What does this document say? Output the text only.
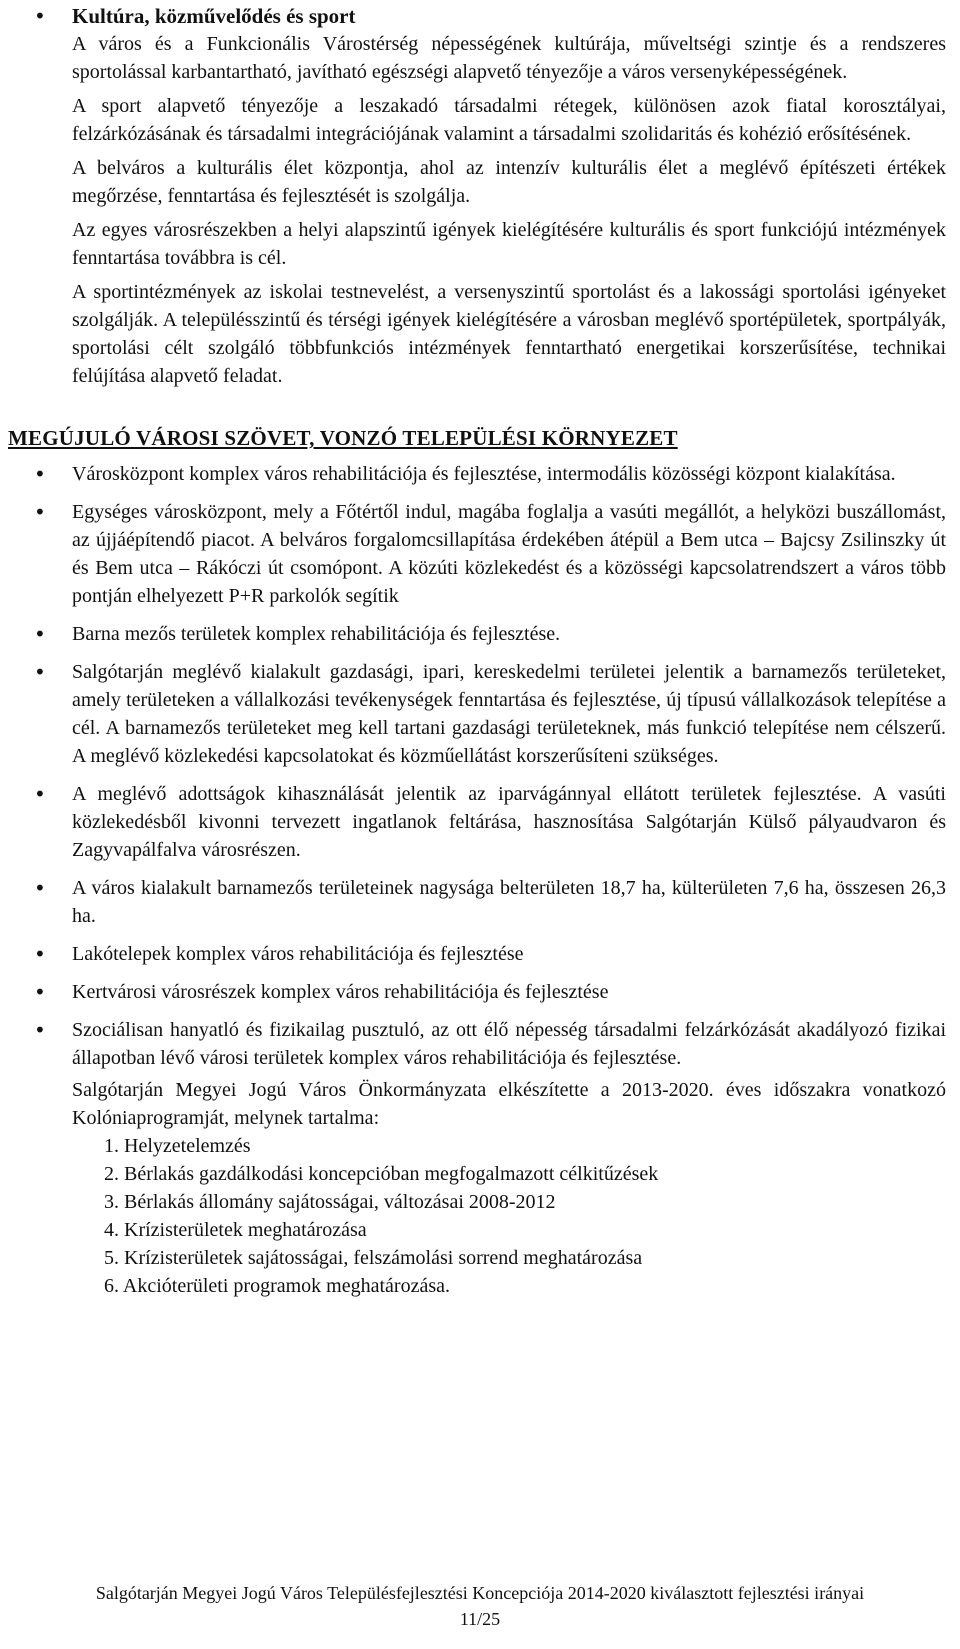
• Kultúra, közművelődés és sport

A város és a Funkcionális Várostérség népességének kultúrája, műveltségi szintje és a rendszeres sportolással karbantartható, javítható egészségi alapvető tényezője a város versenyképességének.

A sport alapvető tényezője a leszakadó társadalmi rétegek, különösen azok fiatal korosztályai, felzárkózásának és társadalmi integrációjának valamint a társadalmi szolidaritás és kohézió erősítésének.

A belváros a kulturális élet központja, ahol az intenzív kulturális élet a meglévő építészeti értékek megőrzése, fenntartása és fejlesztését is szolgálja.

Az egyes városrészekben a helyi alapszintű igények kielégítésére kulturális és sport funkciójú intézmények fenntartása továbbra is cél.

A sportintézmények az iskolai testnevelést, a versenyszintű sportolást és a lakossági sportolási igényeket szolgálják. A településszintű és térségi igények kielégítésére a városban meglévő sportépületek, sportpályák, sportolási célt szolgáló többfunkciós intézmények fenntartható energetikai korszerűsítése, technikai felújítása alapvető feladat.

MEGÚJULÓ VÁROSI SZÖVET, VONZÓ TELEPÜLÉSI KÖRNYEZET
• Városközpont komplex város rehabilitációja és fejlesztése, intermodális közösségi központ kialakítása.
• Egységes városközpont, mely a Főtértől indul, magába foglalja a vasúti megállót, a helyközi buszállomást, az újjáépítendő piacot. A belváros forgalomcsillapítása érdekében átépül a Bem utca – Bajcsy Zsilinszky út és Bem utca – Rákóczi út csomópont. A közúti közlekedést és a közösségi kapcsolatrendszert a város több pontján elhelyezett P+R parkolók segítik
• Barna mezős területek komplex rehabilitációja és fejlesztése.
• Salgótarján meglévő kialakult gazdasági, ipari, kereskedelmi területei jelentik a barnamezős területeket, amely területeken a vállalkozási tevékenységek fenntartása és fejlesztése, új típusú vállalkozások telepítése a cél. A barnamezős területeket meg kell tartani gazdasági területeknek, más funkció telepítése nem célszerű. A meglévő közlekedési kapcsolatokat és közműellátást korszerűsíteni szükséges.
• A meglévő adottságok kihasználását jelentik az iparvágánnyal ellátott területek fejlesztése. A vasúti közlekedésből kivonni tervezett ingatlanok feltárása, hasznosítása Salgótarján Külső pályaudvaron és Zagyvapálfalva városrészen.
• A város kialakult barnamezős területeinek nagysága belterületen 18,7 ha, külterületen 7,6 ha, összesen 26,3 ha.
• Lakótelepek komplex város rehabilitációja és fejlesztése
• Kertvárosi városrészek komplex város rehabilitációja és fejlesztése
• Szociálisan hanyatló és fizikailag pusztuló, az ott élő népesség társadalmi felzárkózását akadályozó fizikai állapotban lévő városi területek komplex város rehabilitációja és fejlesztése.
Salgótarján Megyei Jogú Város Önkormányzata elkészítette a 2013-2020. éves időszakra vonatkozó Kolóniaprogramját, melynek tartalma:
1. Helyzetelemzés
2. Bérlakás gazdálkodási koncepcióban megfogalmazott célkitűzések
3. Bérlakás állomány sajátosságai, változásai 2008-2012
4. Krízisterületek meghatározása
5. Krízisterületek sajátosságai, felszámolási sorrend meghatározása
6. Akcióterületi programok meghatározása.
Salgótarján Megyei Jogú Város Településfejlesztési Koncepciója 2014-2020 kiválasztott fejlesztési irányai
11/25
